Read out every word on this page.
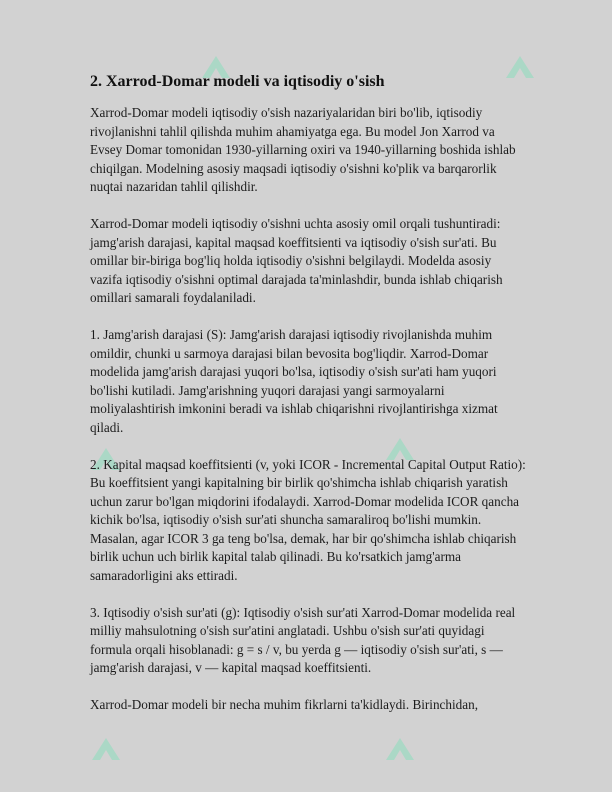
2. Xarrod-Domar modeli va iqtisodiy o'sish

Xarrod-Domar modeli iqtisodiy o'sish nazariyalaridan biri bo'lib, iqtisodiy rivojlanishni tahlil qilishda muhim ahamiyatga ega. Bu model Jon Xarrod va Evsey Domar tomonidan 1930-yillarning oxiri va 1940-yillarning boshida ishlab chiqilgan. Modelning asosiy maqsadi iqtisodiy o'sishni ko'plik va barqarorlik nuqtai nazaridan tahlil qilishdir.

Xarrod-Domar modeli iqtisodiy o'sishni uchta asosiy omil orqali tushuntiradi: jamg'arish darajasi, kapital maqsad koeffitsienti va iqtisodiy o'sish sur'ati. Bu omillar bir-biriga bog'liq holda iqtisodiy o'sishni belgilaydi. Modelda asosiy vazifa iqtisodiy o'sishni optimal darajada ta'minlashdir, bunda ishlab chiqarish omillari samarali foydalaniladi.

1. Jamg'arish darajasi (S): Jamg'arish darajasi iqtisodiy rivojlanishda muhim omildir, chunki u sarmoya darajasi bilan bevosita bog'liqdir. Xarrod-Domar modelida jamg'arish darajasi yuqori bo'lsa, iqtisodiy o'sish sur'ati ham yuqori bo'lishi kutiladi. Jamg'arishning yuqori darajasi yangi sarmoyalarni moliyalashtirish imkonini beradi va ishlab chiqarishni rivojlantirishga xizmat qiladi.

2. Kapital maqsad koeffitsienti (v, yoki ICOR - Incremental Capital Output Ratio): Bu koeffitsient yangi kapitalning bir birlik qo'shimcha ishlab chiqarish yaratish uchun zarur bo'lgan miqdorini ifodalaydi. Xarrod-Domar modelida ICOR qancha kichik bo'lsa, iqtisodiy o'sish sur'ati shuncha samaraliroq bo'lishi mumkin. Masalan, agar ICOR 3 ga teng bo'lsa, demak, har bir qo'shimcha ishlab chiqarish birlik uchun uch birlik kapital talab qilinadi. Bu ko'rsatkich jamg'arma samaradorligini aks ettiradi.

3. Iqtisodiy o'sish sur'ati (g): Iqtisodiy o'sish sur'ati Xarrod-Domar modelida real milliy mahsulotning o'sish sur'atini anglatadi. Ushbu o'sish sur'ati quyidagi formula orqali hisoblanadi: g = s / v, bu yerda g — iqtisodiy o'sish sur'ati, s — jamg'arish darajasi, v — kapital maqsad koeffitsienti.

Xarrod-Domar modeli bir necha muhim fikrlarni ta'kidlaydi. Birinchidan,
